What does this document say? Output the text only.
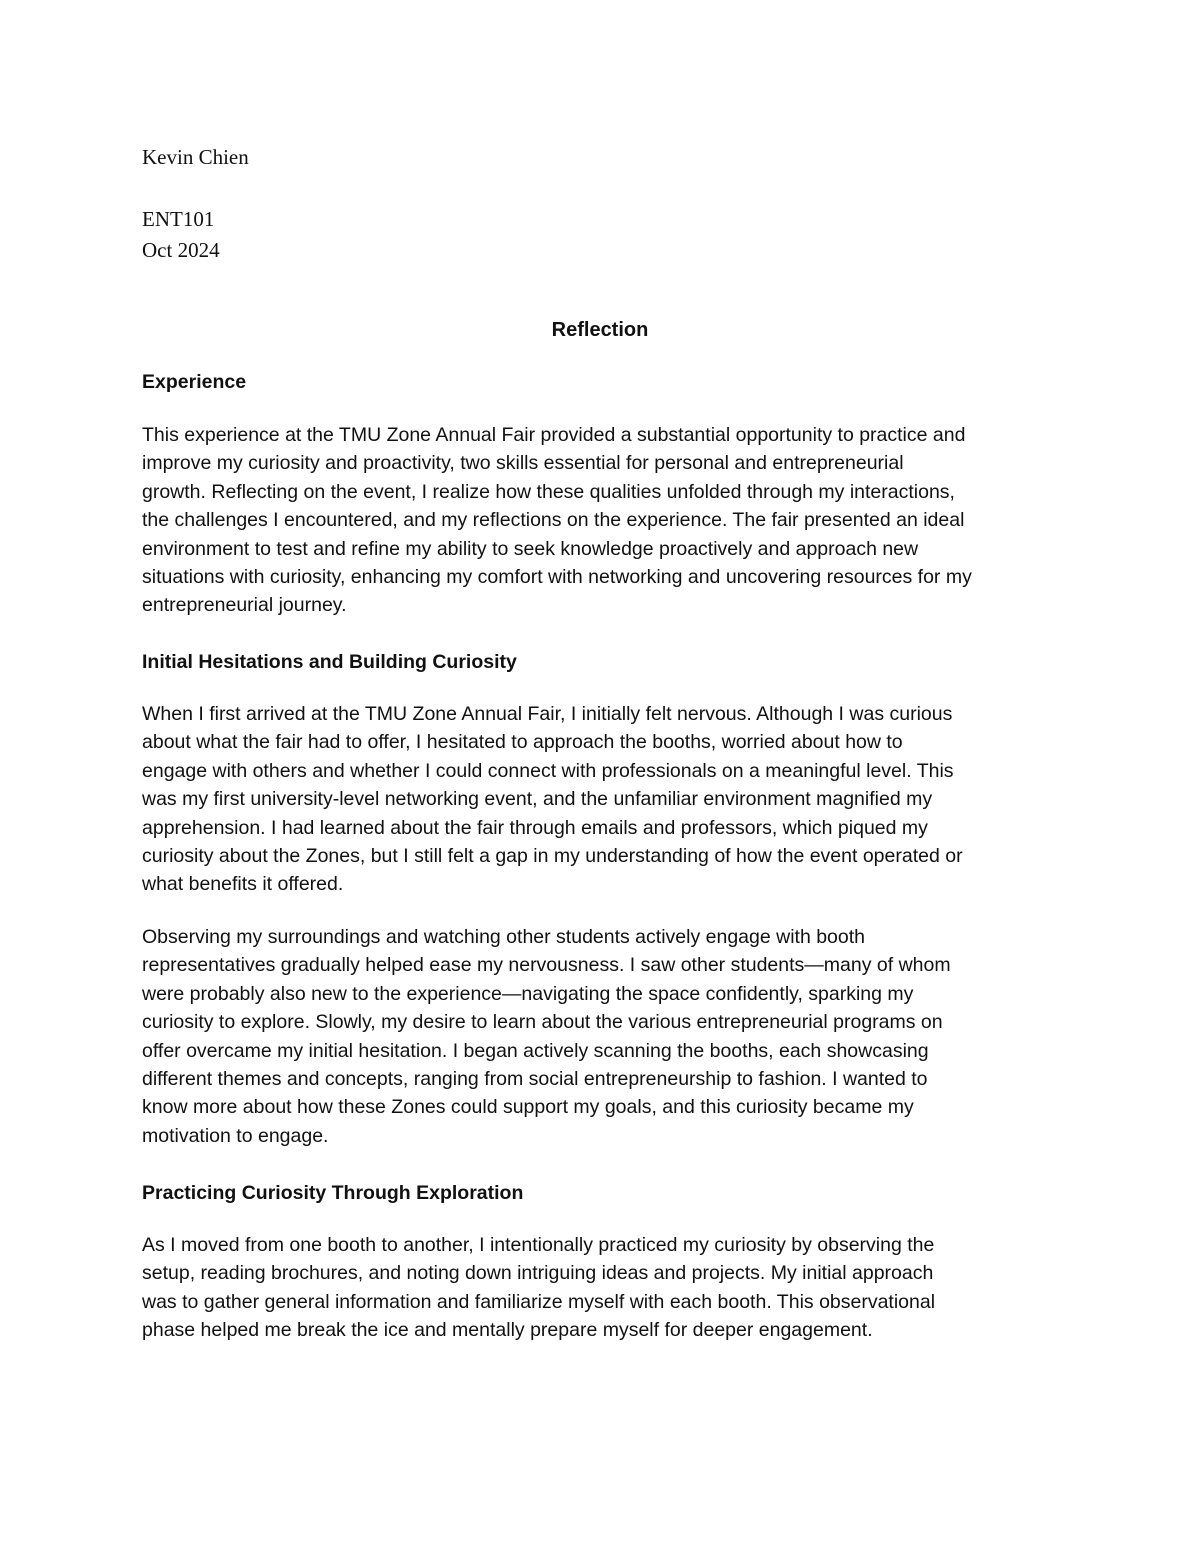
Kevin Chien

ENT101

Oct 2024

Reflection
Experience

This experience at the TMU Zone Annual Fair provided a substantial opportunity to practice and
improve my curiosity and proactivity, two skills essential for personal and entrepreneurial
growth. Reflecting on the event, I realize how these qualities unfolded through my interactions,
the challenges I encountered, and my reflections on the experience. The fair presented an ideal
environment to test and refine my ability to seek knowledge proactively and approach new
situations with curiosity, enhancing my comfort with networking and uncovering resources for my
entrepreneurial journey.

Initial Hesitations and Building Curiosity

When I first arrived at the TMU Zone Annual Fair, I initially felt nervous. Although I was curious
about what the fair had to offer, I hesitated to approach the booths, worried about how to
engage with others and whether I could connect with professionals on a meaningful level. This
was my first university-level networking event, and the unfamiliar environment magnified my
apprehension. I had learned about the fair through emails and professors, which piqued my
curiosity about the Zones, but I still felt a gap in my understanding of how the event operated or
what benefits it offered.

Observing my surroundings and watching other students actively engage with booth
representatives gradually helped ease my nervousness. I saw other students—many of whom
were probably also new to the experience—navigating the space confidently, sparking my
curiosity to explore. Slowly, my desire to learn about the various entrepreneurial programs on
offer overcame my initial hesitation. I began actively scanning the booths, each showcasing
different themes and concepts, ranging from social entrepreneurship to fashion. I wanted to
know more about how these Zones could support my goals, and this curiosity became my
motivation to engage.

Practicing Curiosity Through Exploration

As I moved from one booth to another, I intentionally practiced my curiosity by observing the
setup, reading brochures, and noting down intriguing ideas and projects. My initial approach
was to gather general information and familiarize myself with each booth. This observational
phase helped me break the ice and mentally prepare myself for deeper engagement.
